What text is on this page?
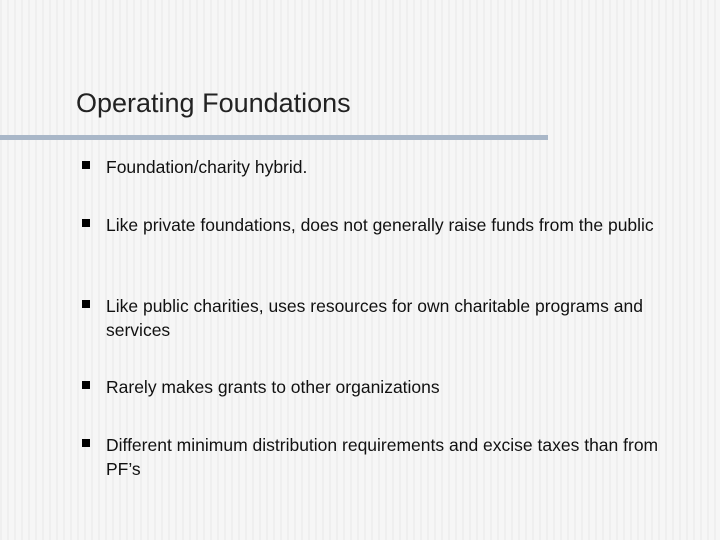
Operating Foundations
Foundation/charity hybrid.
Like private foundations, does not generally raise funds from the public
Like public charities, uses resources for own charitable programs and services
Rarely makes grants to other organizations
Different minimum distribution requirements and excise taxes than from PF’s
